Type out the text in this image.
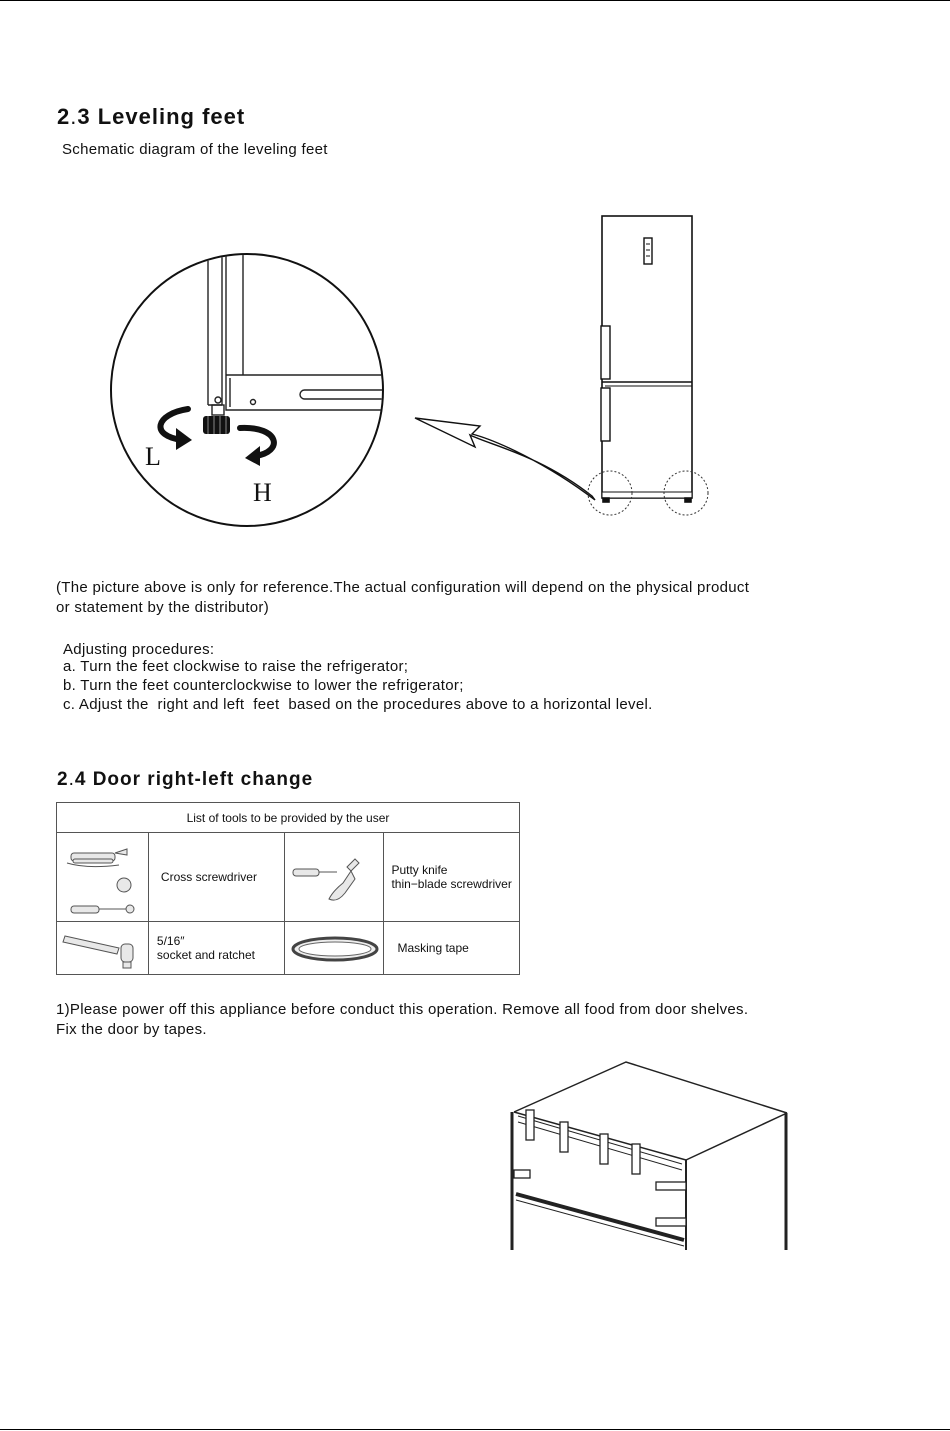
2.3 Leveling feet
Schematic diagram of the leveling feet
L
H
(The picture above is only for reference.The actual configuration will depend on the physical product
or statement by the distributor)
Adjusting procedures:
a. Turn the feet clockwise to raise the refrigerator;
b. Turn the feet counterclockwise to lower the refrigerator;
c. Adjust the  right and left  feet  based on the procedures above to a horizontal level.
2.4 Door right-left change
List of tools to be provided by the user			

	Cross screwdriver		Putty knife
thin−blade screwdriver

5/16″
socket and ratchet		Masking tape
1)Please power off this appliance before conduct this operation. Remove all food from door shelves.
Fix the door by tapes.
